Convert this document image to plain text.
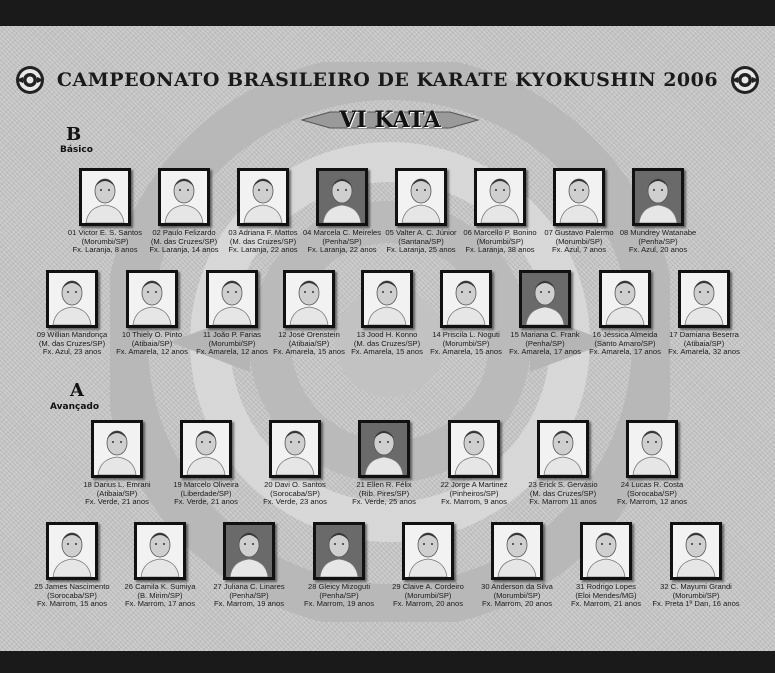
CAMPEONATO BRASILEIRO DE KARATE KYOKUSHIN 2006
VI KATA
B
Básico
A
Avançado
01 Victor E. S. Santos
(Morumbi/SP)
Fx. Laranja, 8 anos
02 Paulo Felizardo
(M. das Cruzes/SP)
Fx. Laranja, 14 anos
03 Adriana F. Mattos
(M. das Cruzes/SP)
Fx. Laranja, 22 anos
04 Marcela C. Meireles
(Penha/SP)
Fx. Laranja, 22 anos
05 Valter A. C. Júnior
(Santana/SP)
Fx. Laranja, 25 anos
06 Marcello P. Bonino
(Morumbi/SP)
Fx. Laranja, 38 anos
07 Gustavo Palermo
(Morumbi/SP)
Fx. Azul, 7 anos
08 Mundrey Watanabe
(Penha/SP)
Fx. Azul, 20 anos
09 Willian Mandonça
(M. das Cruzes/SP)
Fx. Azul, 23 anos
10 Thiely O. Pinto
(Atibaia/SP)
Fx. Amarela, 12 anos
11 João P. Farias
(Morumbi/SP)
Fx. Amarela, 12 anos
12 José Orenstein
(Atibaia/SP)
Fx. Amarela, 15 anos
13 Jood H. Konno
(M. das Cruzes/SP)
Fx. Amarela, 15 anos
14 Priscila L. Noguti
(Morumbi/SP)
Fx. Amarela, 15 anos
15 Mariana C. Frank
(Penha/SP)
Fx. Amarela, 17 anos
16 Jéssica Almeida
(Santo Amaro/SP)
Fx. Amarela, 17 anos
17 Damiana Beserra
(Atibaia/SP)
Fx. Amarela, 32 anos
18 Darius L. Emrani
(Atibaia/SP)
Fx. Verde, 21 anos
19 Marcelo Oliveira
(Liberdade/SP)
Fx. Verde, 21 anos
20 Davi O. Santos
(Sorocaba/SP)
Fx. Verde, 23 anos
21 Ellen R. Félix
(Rib. Pires/SP)
Fx. Verde, 25 anos
22 Jorge A Martinez
(Pinheiros/SP)
Fx. Marrom, 9 anos
23 Erick S. Gervásio
(M. das Cruzes/SP)
Fx. Marrom 11 anos
24 Lucas R. Costa
(Sorocaba/SP)
Fx. Marrom, 12 anos
25 James Nascimento
(Sorocaba/SP)
Fx. Marrom, 15 anos
26 Camila K. Sumiya
(B. Mirim/SP)
Fx. Marrom, 17 anos
27 Juliana C. Linares
(Penha/SP)
Fx. Marrom, 19 anos
28 Gleicy Mizoguti
(Penha/SP)
Fx. Marrom, 19 anos
29 Claive A. Cordeiro
(Morumbi/SP)
Fx. Marrom, 20 anos
30 Anderson da Silva
(Morumbi/SP)
Fx. Marrom, 20 anos
31 Rodrigo Lopes
(Eloi Mendes/MG)
Fx. Marrom, 21 anos
32 C. Mayumi Grandi
(Morumbi/SP)
Fx. Preta 1º Dan, 16 anos
